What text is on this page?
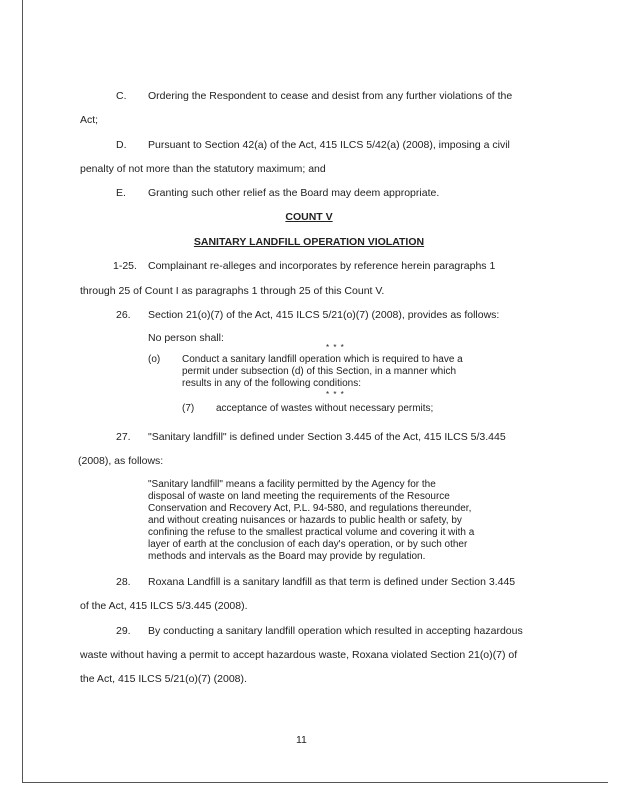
C. Ordering the Respondent to cease and desist from any further violations of the
Act;
D. Pursuant to Section 42(a) of the Act, 415 ILCS 5/42(a) (2008), imposing a civil
penalty of not more than the statutory maximum; and
E. Granting such other relief as the Board may deem appropriate.
COUNT V
SANITARY LANDFILL OPERATION VIOLATION
1-25. Complainant re-alleges and incorporates by reference herein paragraphs 1
through 25 of Count I as paragraphs 1 through 25 of this Count V.
26. Section 21(o)(7) of the Act, 415 ILCS 5/21(o)(7) (2008), provides as follows:
No person shall:
* * *
(o) Conduct a sanitary landfill operation which is required to have a
permit under subsection (d) of this Section, in a manner which
results in any of the following conditions:
* * *
(7) acceptance of wastes without necessary permits;
27. "Sanitary landfill" is defined under Section 3.445 of the Act, 415 ILCS 5/3.445
(2008), as follows:
"Sanitary landfill" means a facility permitted by the Agency for the
disposal of waste on land meeting the requirements of the Resource
Conservation and Recovery Act, P.L. 94-580, and regulations thereunder,
and without creating nuisances or hazards to public health or safety, by
confining the refuse to the smallest practical volume and covering it with a
layer of earth at the conclusion of each day's operation, or by such other
methods and intervals as the Board may provide by regulation.
28. Roxana Landfill is a sanitary landfill as that term is defined under Section 3.445
of the Act, 415 ILCS 5/3.445 (2008).
29. By conducting a sanitary landfill operation which resulted in accepting hazardous
waste without having a permit to accept hazardous waste, Roxana violated Section 21(o)(7) of
the Act, 415 ILCS 5/21(o)(7) (2008).
11
